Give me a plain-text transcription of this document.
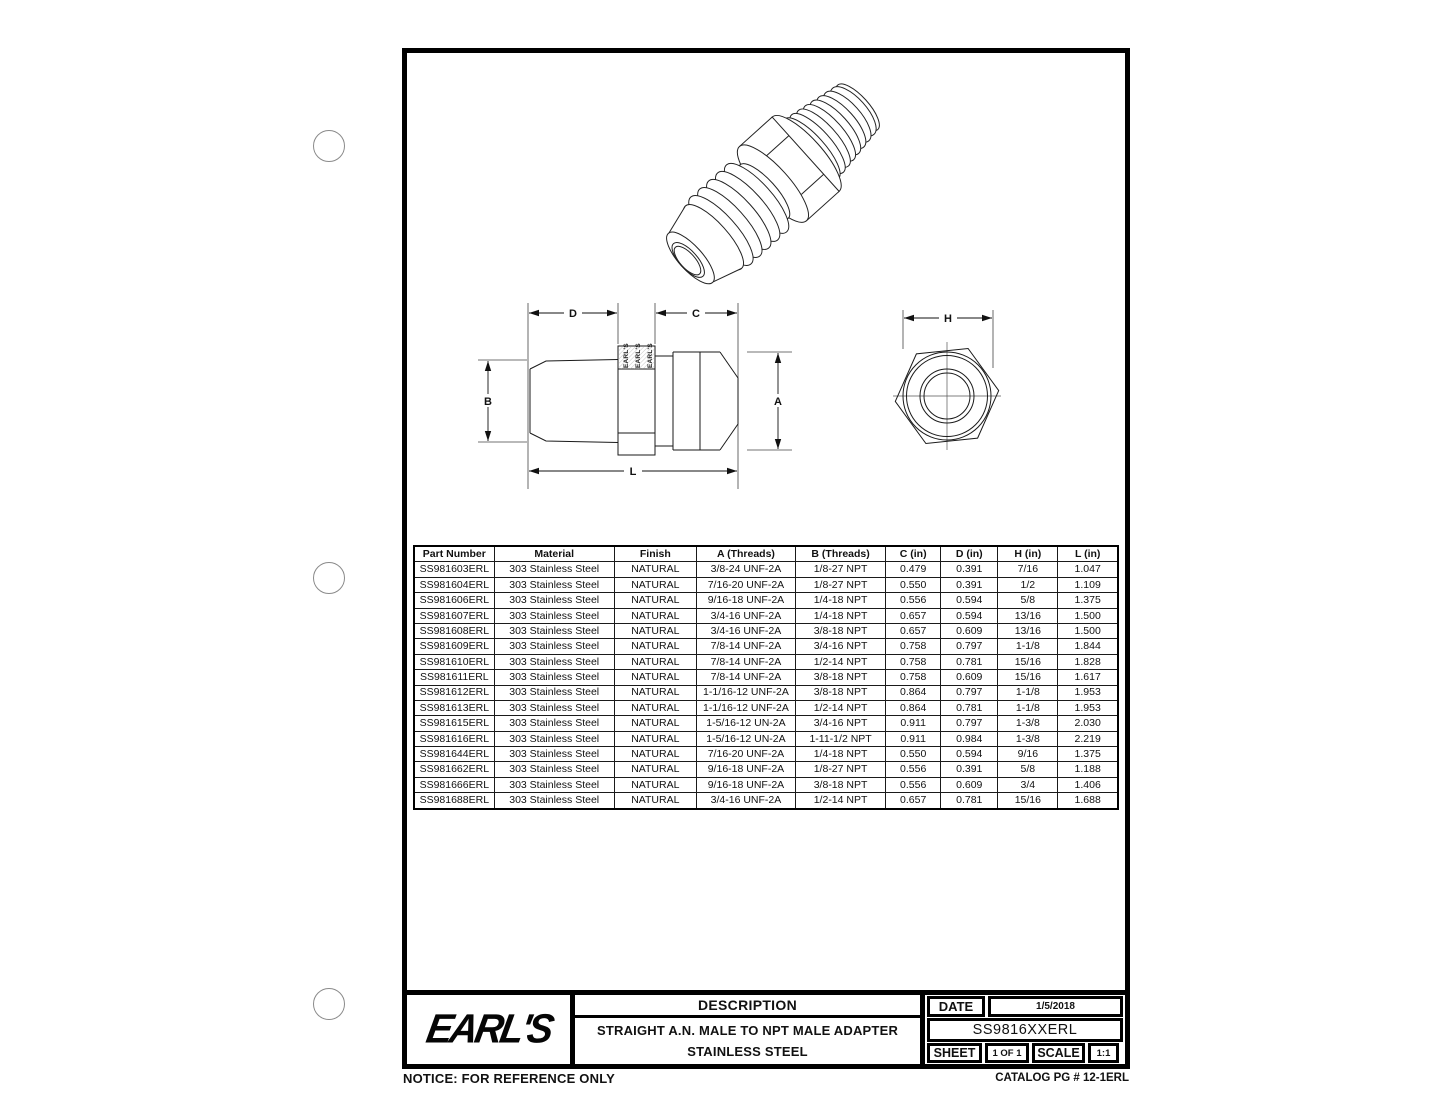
D	C
L
B	A
EARL'S EARL'S EARL'S
H
Part Number	Material	Finish	A (Threads)	B (Threads)	C (in)	D (in)	H (in)	L (in)
SS981603ERL	303 Stainless Steel	NATURAL	3/8-24 UNF-2A	1/8-27 NPT	0.479	0.391	7/16	1.047
SS981604ERL	303 Stainless Steel	NATURAL	7/16-20 UNF-2A	1/8-27 NPT	0.550	0.391	1/2	1.109
SS981606ERL	303 Stainless Steel	NATURAL	9/16-18 UNF-2A	1/4-18 NPT	0.556	0.594	5/8	1.375
SS981607ERL	303 Stainless Steel	NATURAL	3/4-16 UNF-2A	1/4-18 NPT	0.657	0.594	13/16	1.500
SS981608ERL	303 Stainless Steel	NATURAL	3/4-16 UNF-2A	3/8-18 NPT	0.657	0.609	13/16	1.500
SS981609ERL	303 Stainless Steel	NATURAL	7/8-14 UNF-2A	3/4-16 NPT	0.758	0.797	1-1/8	1.844
SS981610ERL	303 Stainless Steel	NATURAL	7/8-14 UNF-2A	1/2-14 NPT	0.758	0.781	15/16	1.828
SS981611ERL	303 Stainless Steel	NATURAL	7/8-14 UNF-2A	3/8-18 NPT	0.758	0.609	15/16	1.617
SS981612ERL	303 Stainless Steel	NATURAL	1-1/16-12 UNF-2A	3/8-18 NPT	0.864	0.797	1-1/8	1.953
SS981613ERL	303 Stainless Steel	NATURAL	1-1/16-12 UNF-2A	1/2-14 NPT	0.864	0.781	1-1/8	1.953
SS981615ERL	303 Stainless Steel	NATURAL	1-5/16-12 UN-2A	3/4-16 NPT	0.911	0.797	1-3/8	2.030
SS981616ERL	303 Stainless Steel	NATURAL	1-5/16-12 UN-2A	1-11-1/2 NPT	0.911	0.984	1-3/8	2.219
SS981644ERL	303 Stainless Steel	NATURAL	7/16-20 UNF-2A	1/4-18 NPT	0.550	0.594	9/16	1.375
SS981662ERL	303 Stainless Steel	NATURAL	9/16-18 UNF-2A	1/8-27 NPT	0.556	0.391	5/8	1.188
SS981666ERL	303 Stainless Steel	NATURAL	9/16-18 UNF-2A	3/8-18 NPT	0.556	0.609	3/4	1.406
SS981688ERL	303 Stainless Steel	NATURAL	3/4-16 UNF-2A	1/2-14 NPT	0.657	0.781	15/16	1.688
EARL'S
DESCRIPTION
STRAIGHT A.N. MALE TO NPT MALE ADAPTER
STAINLESS STEEL
DATE	1/5/2018
SS9816XXERL
SHEET	1 OF 1	SCALE	1:1
NOTICE: FOR REFERENCE ONLY	CATALOG PG # 12-1ERL
